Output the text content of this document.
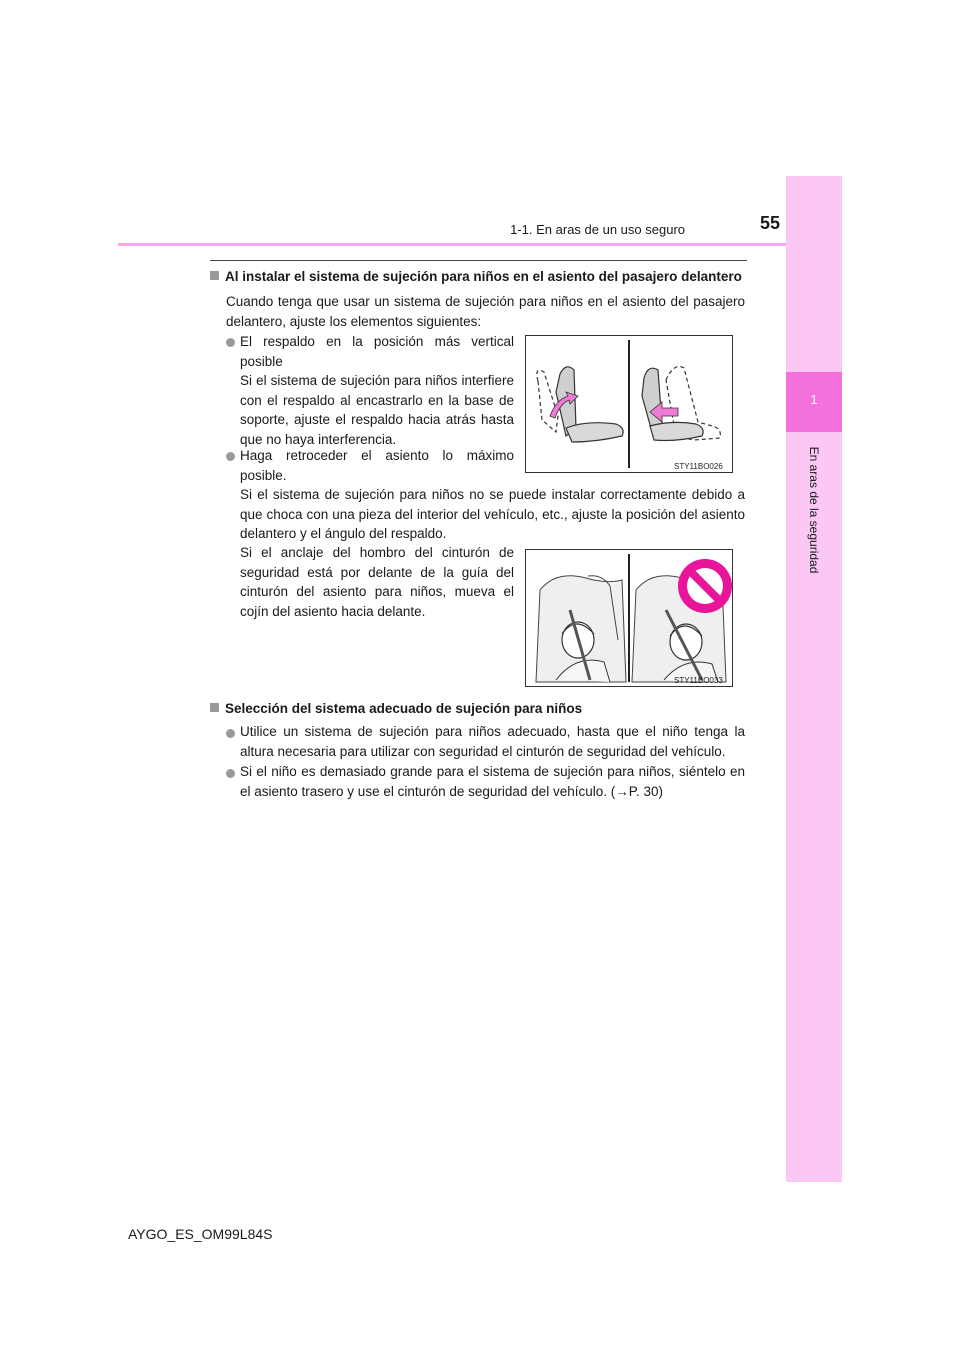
1-1. En aras de un uso seguro	55
1
En aras de la seguridad
Al instalar el sistema de sujeción para niños en el asiento del pasajero delantero
Cuando tenga que usar un sistema de sujeción para niños en el asiento del pasajero delantero, ajuste los elementos siguientes:
El respaldo en la posición más vertical posible
Si el sistema de sujeción para niños interfiere con el respaldo al encastrarlo en la base de soporte, ajuste el respaldo hacia atrás hasta que no haya interferencia.
Haga retroceder el asiento lo máximo posible.
Si el sistema de sujeción para niños no se puede instalar correctamente debido a que choca con una pieza del interior del vehículo, etc., ajuste la posición del asiento delantero y el ángulo del respaldo.
Si el anclaje del hombro del cinturón de seguridad está por delante de la guía del cinturón del asiento para niños, mueva el cojín del asiento hacia delante.
STY11BO026
STY11BO033
Selección del sistema adecuado de sujeción para niños
Utilice un sistema de sujeción para niños adecuado, hasta que el niño tenga la altura necesaria para utilizar con seguridad el cinturón de seguridad del vehículo.
Si el niño es demasiado grande para el sistema de sujeción para niños, siéntelo en el asiento trasero y use el cinturón de seguridad del vehículo. (→P. 30)
AYGO_ES_OM99L84S
